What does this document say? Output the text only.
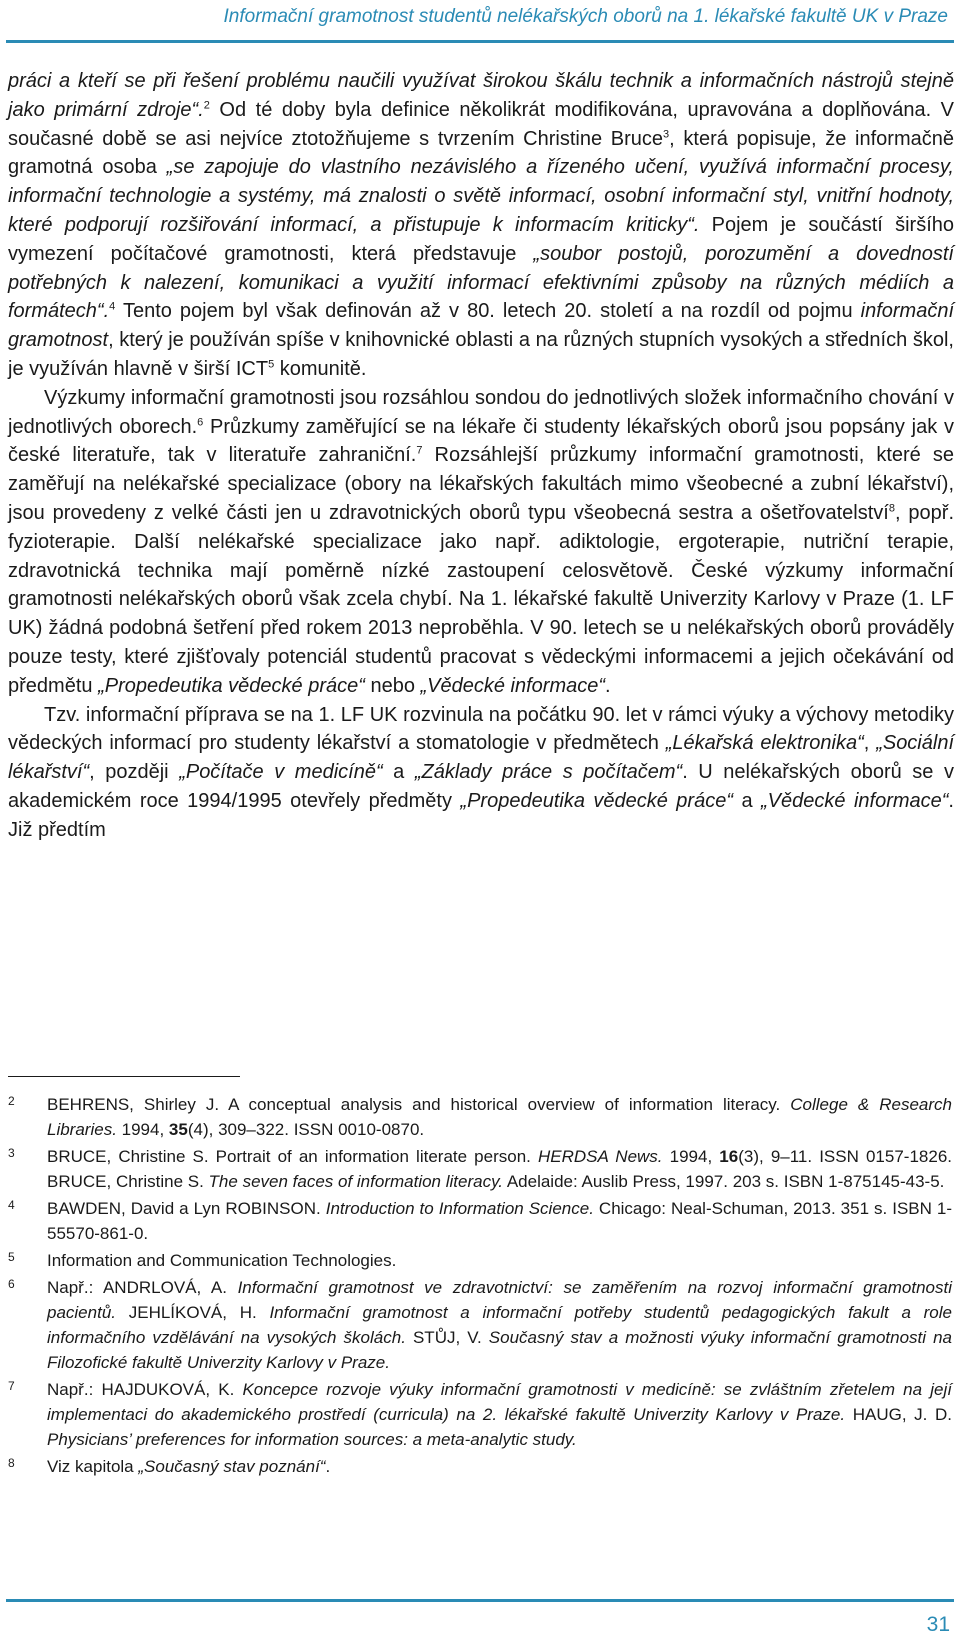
Informační gramotnost studentů nelékařských oborů na 1. lékařské fakultě UK v Praze

práci a kteří se při řešení problému naučili využívat širokou škálu technik a informačních nástrojů stejně jako primární zdroje“.$^2$ Od té doby byla definice několikrát modifikována, upravována a doplňována. V současné době se asi nejvíce ztotožňujeme s tvrzením Christine Bruce$^3$, která popisuje, že informačně gramotná osoba „se zapojuje do vlastního nezávislého a řízeného učení, využívá informační procesy, informační technologie a systémy, má znalosti o světě informací, osobní informační styl, vnitřní hodnoty, které podporují rozšiřování informací, a přistupuje k informacím kriticky“. Pojem je součástí širšího vymezení počítačové gramotnosti, která představuje „soubor postojů, porozumění a dovedností potřebných k nalezení, komunikaci a využití informací efektivními způsoby na různých médiích a formátech“.$^4$ Tento pojem byl však definován až v 80. letech 20. století a na rozdíl od pojmu informační gramotnost, který je používán spíše v knihovnické oblasti a na různých stupních vysokých a středních škol, je využíván hlavně v širší ICT$^5$ komunitě.

Výzkumy informační gramotnosti jsou rozsáhlou sondou do jednotlivých složek informačního chování v jednotlivých oborech.$^6$ Průzkumy zaměřující se na lékaře či studenty lékařských oborů jsou popsány jak v české literatuře, tak v literatuře zahraniční.$^7$ Rozsáhlejší průzkumy informační gramotnosti, které se zaměřují na nelékařské specializace (obory na lékařských fakultách mimo všeobecné a zubní lékařství), jsou provedeny z velké části jen u zdravotnických oborů typu všeobecná sestra a ošetřovatelství$^8$, popř. fyzioterapie. Další nelékařské specializace jako např. adiktologie, ergoterapie, nutriční terapie, zdravotnická technika mají poměrně nízké zastoupení celosvětově. České výzkumy informační gramotnosti nelékařských oborů však zcela chybí. Na 1. lékařské fakultě Univerzity Karlovy v Praze (1. LF UK) žádná podobná šetření před rokem 2013 neproběhla. V 90. letech se u nelékařských oborů prováděly pouze testy, které zjišťovaly potenciál studentů pracovat s vědeckými informacemi a jejich očekávání od předmětu „Propedeutika vědecké práce“ nebo „Vědecké informace“.

Tzv. informační příprava se na 1. LF UK rozvinula na počátku 90. let v rámci výuky a výchovy metodiky vědeckých informací pro studenty lékařství a stomatologie v předmětech „Lékařská elektronika“, „Sociální lékařství“, později „Počítače v medicíně“ a „Základy práce s počítačem“. U nelékařských oborů se v akademickém roce 1994/1995 otevřely předměty „Propedeutika vědecké práce“ a „Vědecké informace“. Již předtím

2 BEHRENS, Shirley J. A conceptual analysis and historical overview of information literacy. College & Research Libraries. 1994, 35(4), 309–322. ISSN 0010-0870.
3 BRUCE, Christine S. Portrait of an information literate person. HERDSA News. 1994, 16(3), 9–11. ISSN 0157-1826. BRUCE, Christine S. The seven faces of information literacy. Adelaide: Auslib Press, 1997. 203 s. ISBN 1-875145-43-5.
4 BAWDEN, David a Lyn ROBINSON. Introduction to Information Science. Chicago: Neal-Schuman, 2013. 351 s. ISBN 1-55570-861-0.
5 Information and Communication Technologies.
6 Např.: ANDRLOVÁ, A. Informační gramotnost ve zdravotnictví: se zaměřením na rozvoj informační gramotnosti pacientů. JEHLÍKOVÁ, H. Informační gramotnost a informační potřeby studentů pedagogických fakult a role informačního vzdělávání na vysokých školách. STŮJ, V. Současný stav a možnosti výuky informační gramotnosti na Filozofické fakultě Univerzity Karlovy v Praze.
7 Např.: HAJDUKOVÁ, K. Koncepce rozvoje výuky informační gramotnosti v medicíně: se zvláštním zřetelem na její implementaci do akademického prostředí (curricula) na 2. lékařské fakultě Univerzity Karlovy v Praze. HAUG, J. D. Physicians’ preferences for information sources: a meta-analytic study.
8 Viz kapitola „Současný stav poznání“.
31
